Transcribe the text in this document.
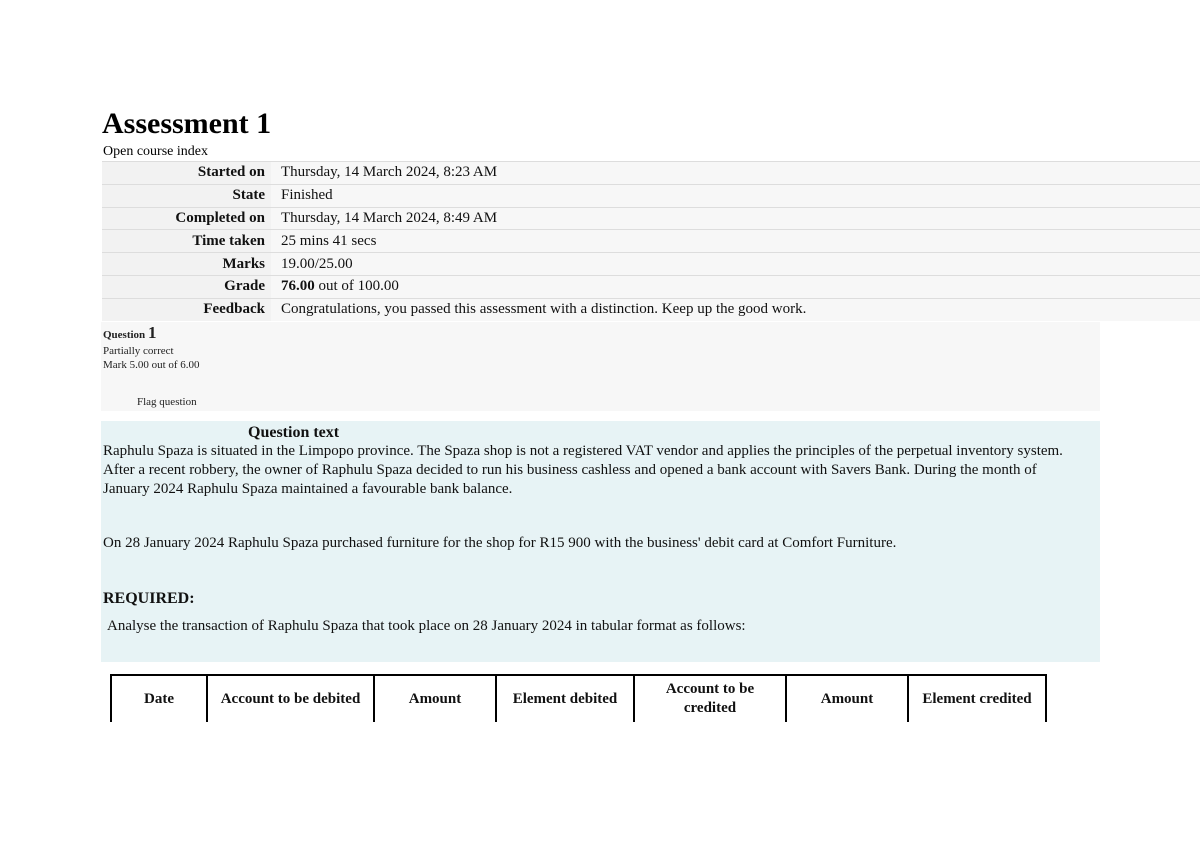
Assessment 1
Open course index
Started on	Thursday, 14 March 2024, 8:23 AM
State	Finished
Completed on	Thursday, 14 March 2024, 8:49 AM
Time taken	25 mins 41 secs
Marks	19.00/25.00
Grade	76.00 out of 100.00
Feedback	Congratulations, you passed this assessment with a distinction. Keep up the good work.
Question 1
Partially correct
Mark 5.00 out of 6.00
Flag question
Question text

Raphulu Spaza is situated in the Limpopo province. The Spaza shop is not a registered VAT vendor and applies the principles of the perpetual inventory system. After a recent robbery, the owner of Raphulu Spaza decided to run his business cashless and opened a bank account with Savers Bank. During the month of January 2024 Raphulu Spaza maintained a favourable bank balance.

On 28 January 2024 Raphulu Spaza purchased furniture for the shop for R15 900 with the business' debit card at Comfort Furniture.

REQUIRED:

Analyse the transaction of Raphulu Spaza that took place on 28 January 2024 in tabular format as follows:

Date	Account to be debited	Amount	Element debited	Account to be credited	Amount	Element credited
